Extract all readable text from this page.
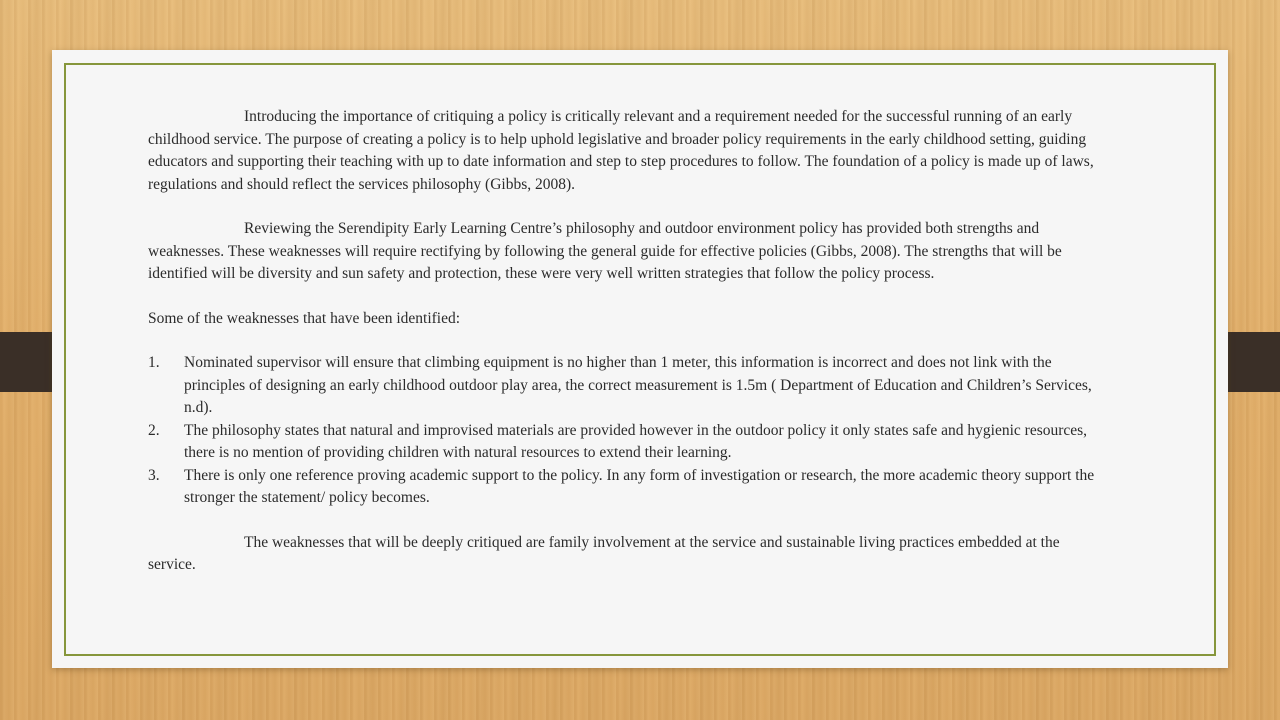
Introducing the importance of critiquing a policy is critically relevant and a requirement needed for the successful running of an early childhood service. The purpose of creating a policy is to help uphold legislative and broader policy requirements in the early childhood setting, guiding educators and supporting their teaching with up to date information and step to step procedures to follow. The foundation of a policy is made up of laws, regulations and should reflect the services philosophy (Gibbs, 2008).

Reviewing the Serendipity Early Learning Centre’s philosophy and outdoor environment policy has provided both strengths and weaknesses. These weaknesses will require rectifying by following the general guide for effective policies (Gibbs, 2008). The strengths that will be identified will be diversity and sun safety and protection, these were very well written strategies that follow the policy process.

Some of the weaknesses that have been identified:

1. Nominated supervisor will ensure that climbing equipment is no higher than 1 meter, this information is incorrect and does not link with the principles of designing an early childhood outdoor play area, the correct measurement is 1.5m ( Department of Education and Children’s Services, n.d).
2. The philosophy states that natural and improvised materials are provided however in the outdoor policy it only states safe and hygienic resources, there is no mention of providing children with natural resources to extend their learning.
3. There is only one reference proving academic support to the policy. In any form of investigation or research, the more academic theory support the stronger the statement/ policy becomes.

The weaknesses that will be deeply critiqued are family involvement at the service and sustainable living practices embedded at the service.
